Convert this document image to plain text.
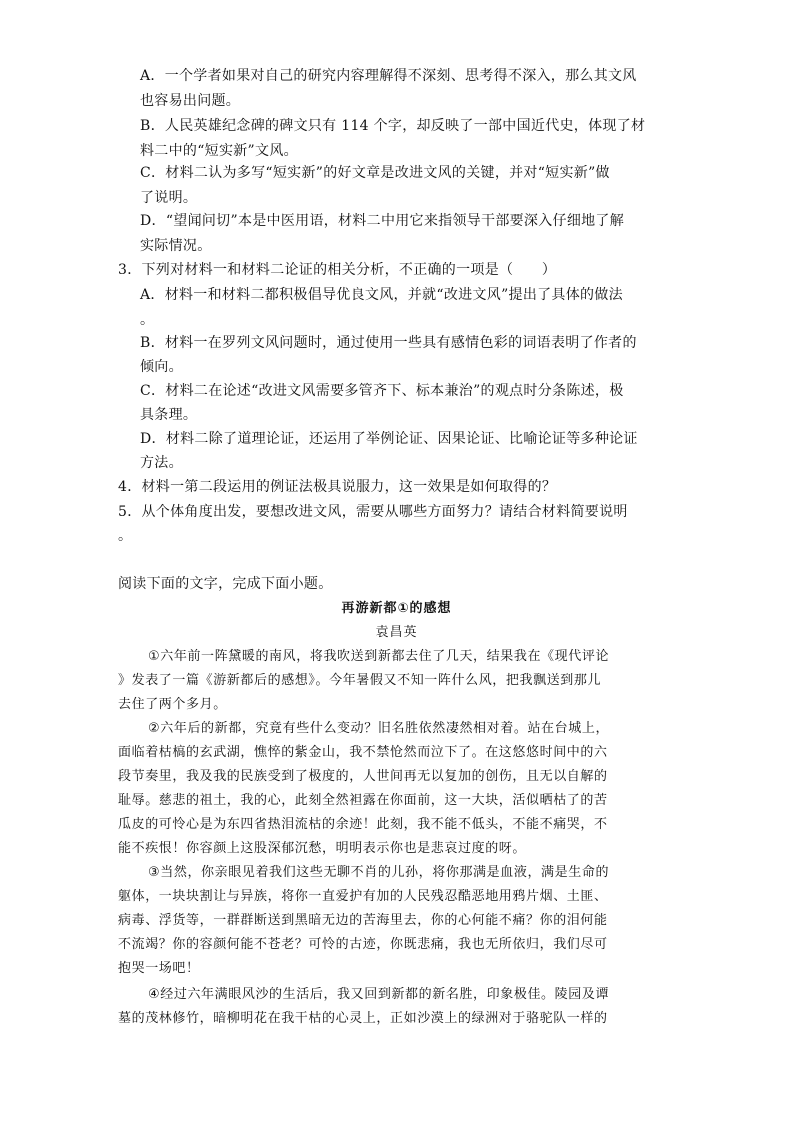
A．一个学者如果对自己的研究内容理解得不深刻、思考得不深入，那么其文风
也容易出问题。
B．人民英雄纪念碑的碑文只有 114 个字，却反映了一部中国近代史，体现了材
料二中的“短实新”文风。
C．材料二认为多写“短实新”的好文章是改进文风的关键，并对“短实新”做
了说明。
D．“望闻问切”本是中医用语，材料二中用它来指领导干部要深入仔细地了解
实际情况。
3．下列对材料一和材料二论证的相关分析，不正确的一项是（　　）
A．材料一和材料二都积极倡导优良文风，并就“改进文风”提出了具体的做法
。
B．材料一在罗列文风问题时，通过使用一些具有感情色彩的词语表明了作者的
倾向。
C．材料二在论述“改进文风需要多管齐下、标本兼治”的观点时分条陈述，极
具条理。
D．材料二除了道理论证，还运用了举例论证、因果论证、比喻论证等多种论证
方法。
4．材料一第二段运用的例证法极具说服力，这一效果是如何取得的？
5．从个体角度出发，要想改进文风，需要从哪些方面努力？请结合材料简要说明
。
阅读下面的文字，完成下面小题。
再游新都①的感想
袁昌英
①六年前一阵黛暖的南风，将我吹送到新都去住了几天，结果我在《现代评论
》发表了一篇《游新都后的感想》。今年暑假又不知一阵什么风，把我飘送到那儿
去住了两个多月。
②六年后的新都，究竟有些什么变动？旧名胜依然凄然相对着。站在台城上，
面临着枯槁的玄武湖，憔悴的紫金山，我不禁怆然而泣下了。在这悠悠时间中的六
段节奏里，我及我的民族受到了极度的，人世间再无以复加的创伤，且无以自解的
耻辱。慈悲的祖土，我的心，此刻全然袒露在你面前，这一大块，活似晒枯了的苦
瓜皮的可怜心是为东四省热泪流枯的余迹！此刻，我不能不低头，不能不痛哭，不
能不疾恨！你容颜上这股深郁沉愁，明明表示你也是悲哀过度的呀。
③当然，你亲眼见着我们这些无聊不肖的儿孙，将你那满是血液，满是生命的
躯体，一块块割让与异族，将你一直爱护有加的人民残忍酷恶地用鸦片烟、土匪、
病毒、浮货等，一群群断送到黑暗无边的苦海里去，你的心何能不痛？你的泪何能
不流竭？你的容颜何能不苍老？可怜的古迹，你既悲痛，我也无所依归，我们尽可
抱哭一场吧！
④经过六年满眼风沙的生活后，我又回到新都的新名胜，印象极佳。陵园及谭
墓的茂林修竹，暗柳明花在我干枯的心灵上，正如沙漠上的绿洲对于骆驼队一样的
